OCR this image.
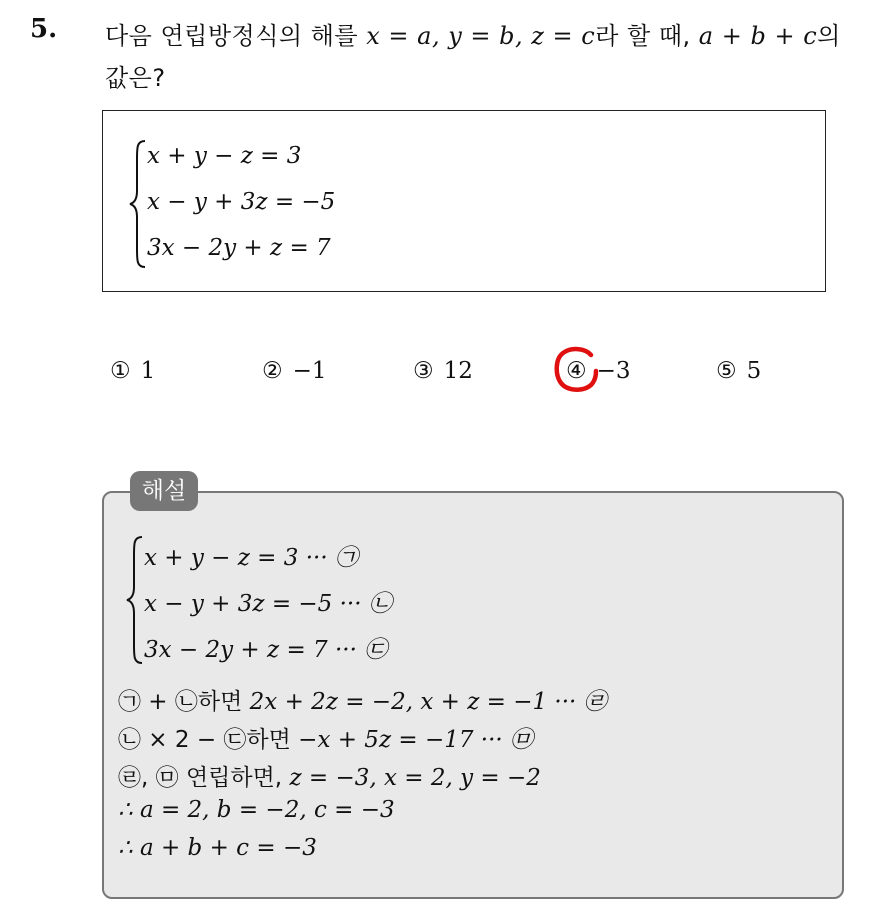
5. 다음 연립방정식의 해를 x = a, y = b, z = c라 할 때, a + b + c의
값은?
x + y − z = 3
x − y + 3z = −5
3x − 2y + z = 7
① 1	② −1	③ 12	④ −3	⑤ 5
해설
x + y − z = 3 ··· ㉠
x − y + 3z = −5 ··· ㉡
3x − 2y + z = 7 ··· ㉢
㉠ + ㉡하면 2x + 2z = −2, x + z = −1 ··· ㉣
㉡ × 2 − ㉢하면 −x + 5z = −17 ··· ㉤
㉣, ㉤ 연립하면, z = −3, x = 2, y = −2
∴ a = 2, b = −2, c = −3
∴ a + b + c = −3
